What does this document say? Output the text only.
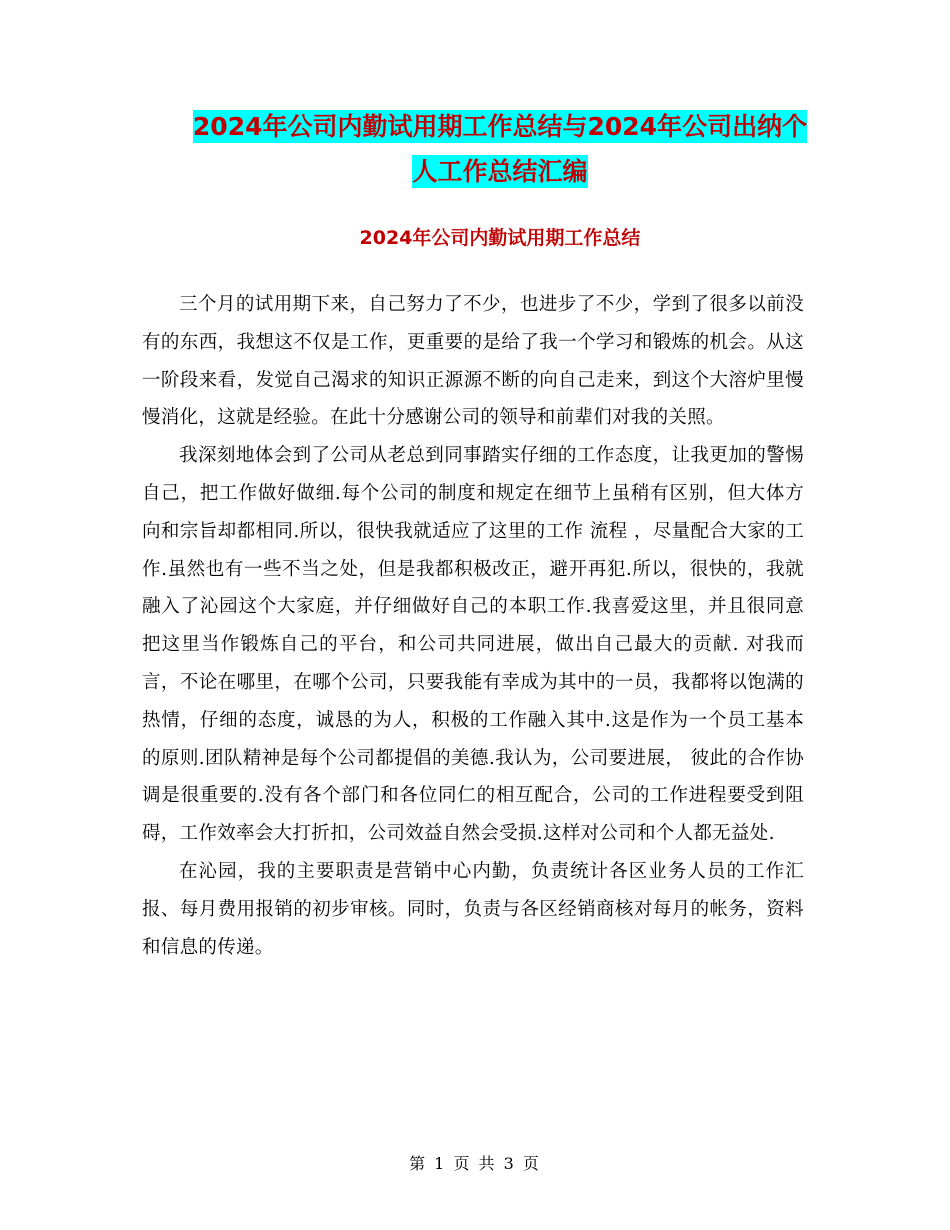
2024年公司内勤试用期工作总结与2024年公司出纳个
人工作总结汇编
2024年公司内勤试用期工作总结

三个月的试用期下来，自己努力了不少，也进步了不少，学到了很多以前没有的东西，我想这不仅是工作，更重要的是给了我一个学习和锻炼的机会。从这一阶段来看，发觉自己渴求的知识正源源不断的向自己走来，到这个大溶炉里慢慢消化，这就是经验。在此十分感谢公司的领导和前辈们对我的关照。

我深刻地体会到了公司从老总到同事踏实仔细的工作态度，让我更加的警惕自己，把工作做好做细.每个公司的制度和规定在细节上虽稍有区别，但大体方向和宗旨却都相同.所以，很快我就适应了这里的工作 流程 ，尽量配合大家的工作.虽然也有一些不当之处，但是我都积极改正，避开再犯.所以，很快的，我就融入了沁园这个大家庭，并仔细做好自己的本职工作.我喜爱这里，并且很同意把这里当作锻炼自己的平台，和公司共同进展，做出自己最大的贡献. 对我而言，不论在哪里，在哪个公司，只要我能有幸成为其中的一员，我都将以饱满的热情，仔细的态度，诚恳的为人，积极的工作融入其中.这是作为一个员工基本的原则.团队精神是每个公司都提倡的美德.我认为，公司要进展， 彼此的合作协调是很重要的.没有各个部门和各位同仁的相互配合，公司的工作进程要受到阻碍，工作效率会大打折扣，公司效益自然会受损.这样对公司和个人都无益处.

在沁园，我的主要职责是营销中心内勤，负责统计各区业务人员的工作汇报、每月费用报销的初步审核。同时，负责与各区经销商核对每月的帐务，资料和信息的传递。

第 1 页 共 3 页
